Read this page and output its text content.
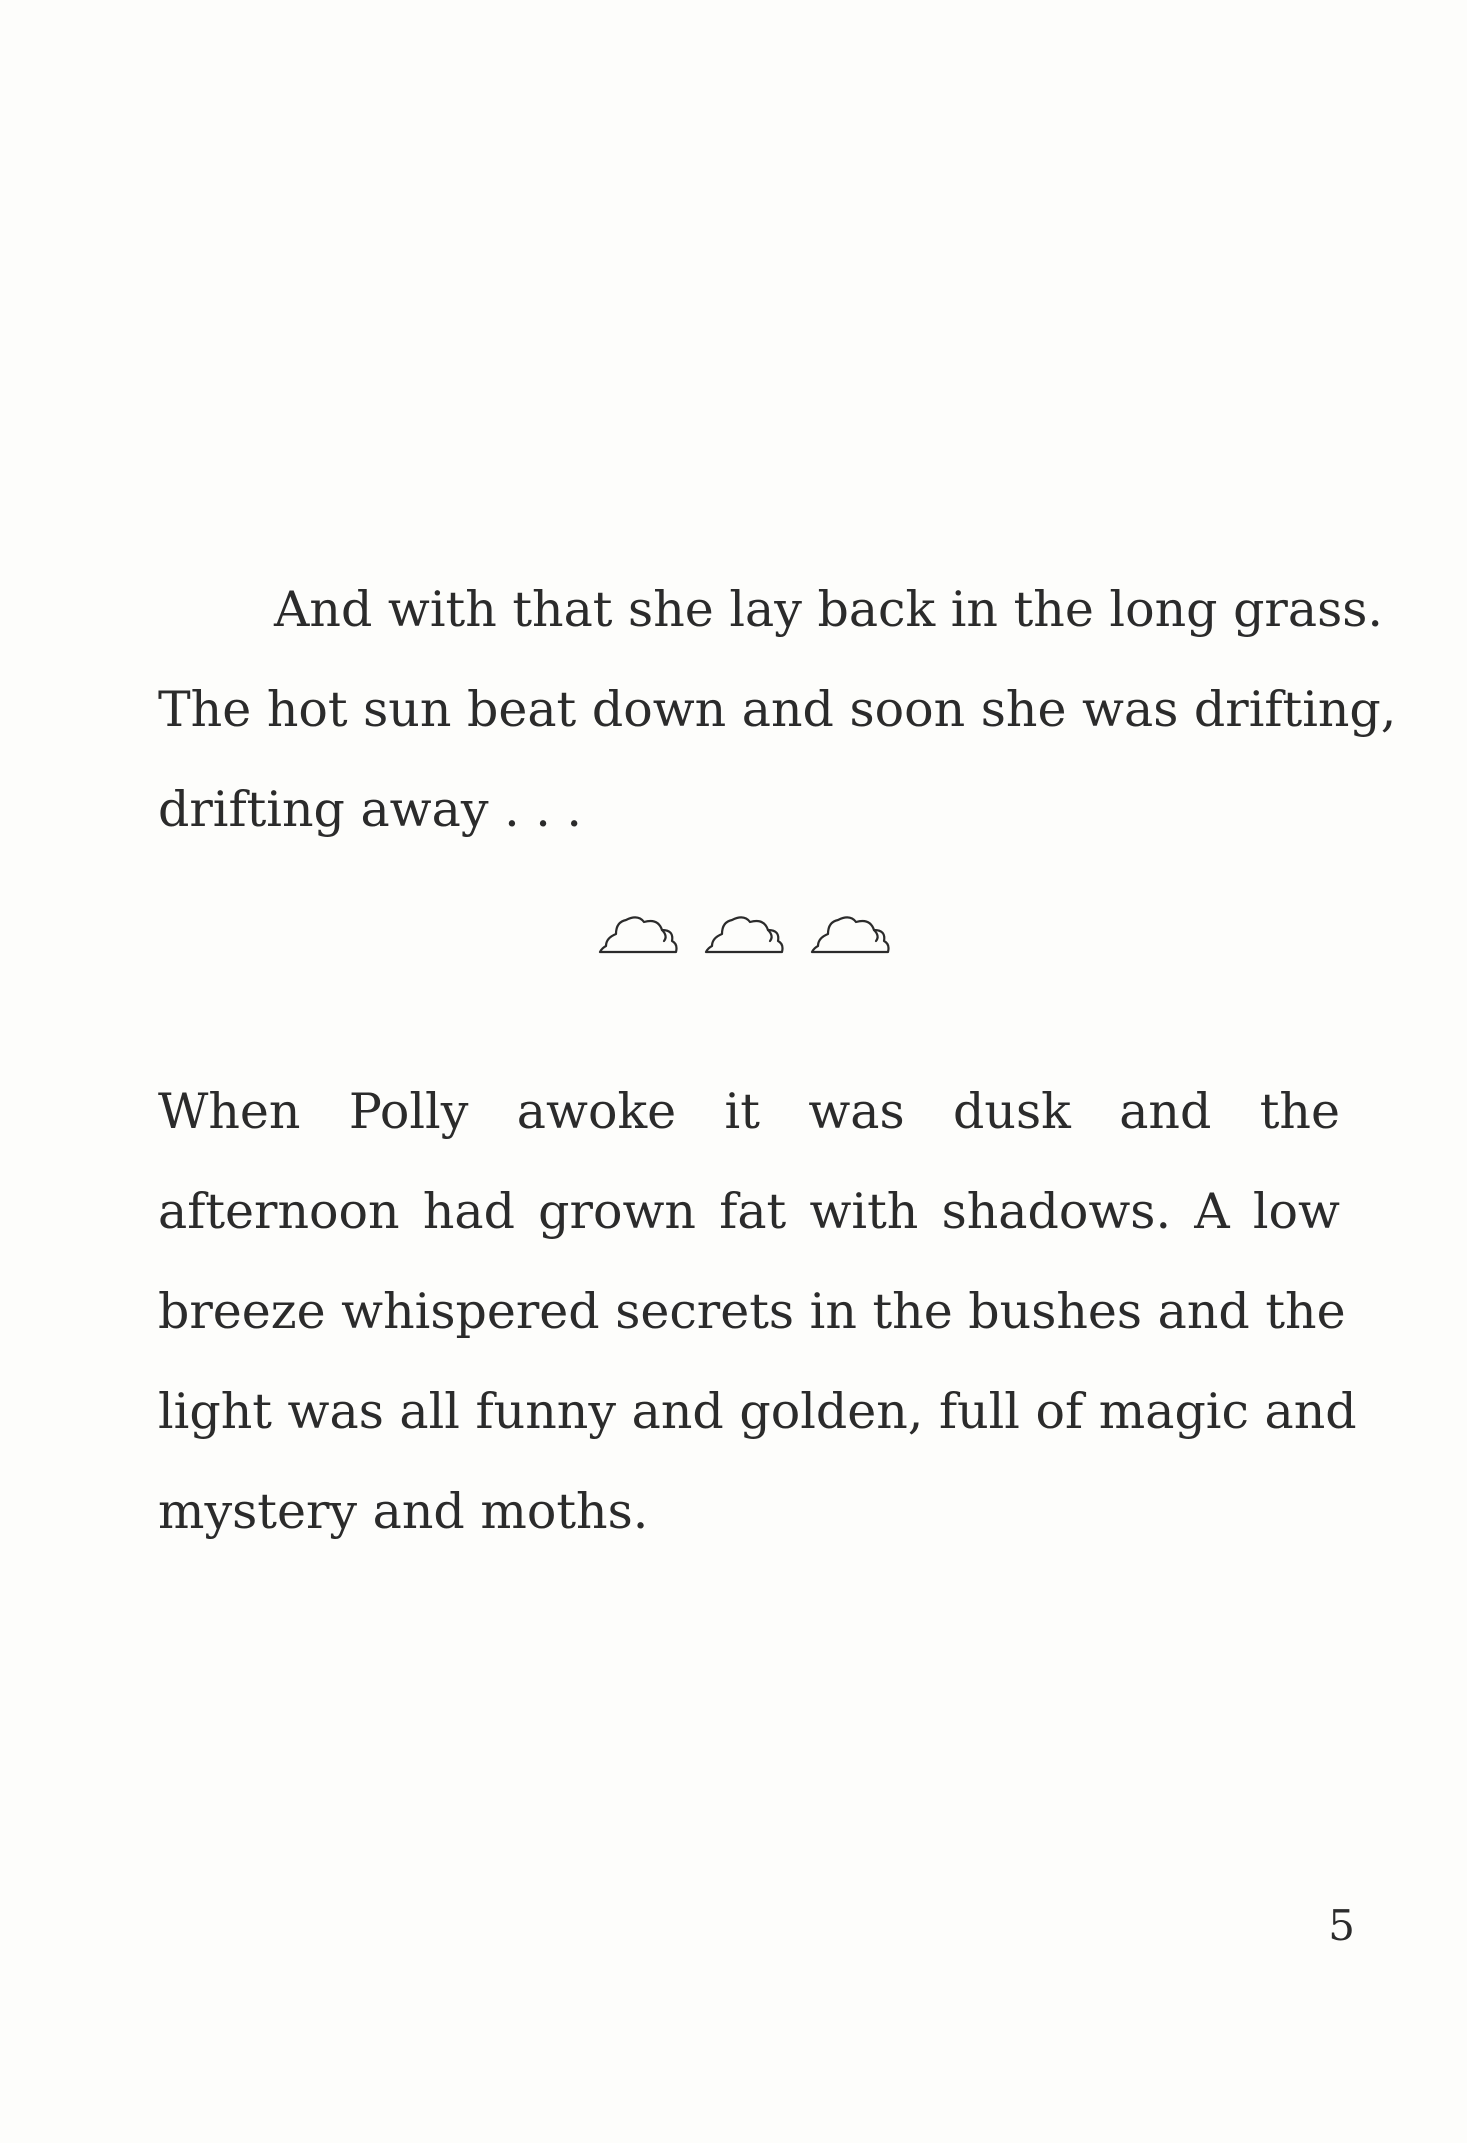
And with that she lay back in the long grass.
The hot sun beat down and soon she was drifting,
drifting away . . .

When Polly awoke it was dusk and the
afternoon had grown fat with shadows. A low
breeze whispered secrets in the bushes and the
light was all funny and golden, full of magic and
mystery and moths.

5
